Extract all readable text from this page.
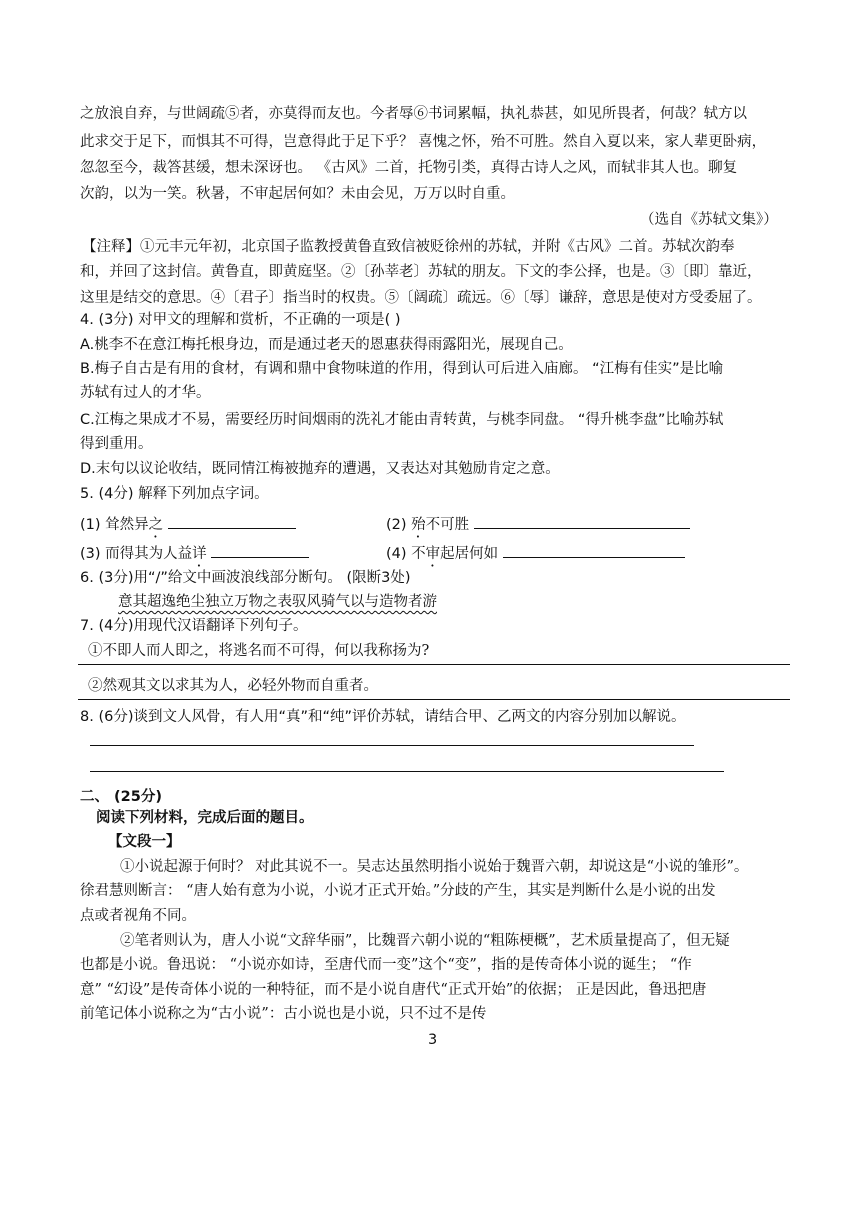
之放浪自弃，与世阔疏⑤者，亦莫得而友也。今者辱⑥书词累幅，执礼恭甚，如见所畏者，何哉？轼方以
此求交于足下，而惧其不可得，岂意得此于足下乎？ 喜愧之怀，殆不可胜。然自入夏以来，家人辈更卧病，
忽忽至今，裁答甚缓，想未深讶也。 《古风》二首，托物引类，真得古诗人之风，而轼非其人也。聊复
次韵，以为一笑。秋暑，不审起居何如？未由会见，万万以时自重。
（选自《苏轼文集》）
【注释】①元丰元年初，北京国子监教授黄鲁直致信被贬徐州的苏轼，并附《古风》二首。苏轼次韵奉
和，并回了这封信。黄鲁直，即黄庭坚。②〔孙莘老〕苏轼的朋友。下文的李公择，也是。③〔即〕靠近，
这里是结交的意思。④〔君子〕指当时的权贵。⑤〔阔疏〕疏远。⑥〔辱〕谦辞，意思是使对方受委屈了。
4. (3分) 对甲文的理解和赏析，不正确的一项是( )
A.桃李不在意江梅托根身边，而是通过老天的恩惠获得雨露阳光，展现自己。
B.梅子自古是有用的食材，有调和鼎中食物味道的作用，得到认可后进入庙廊。 “江梅有佳实”是比喻
苏轼有过人的才华。
C.江梅之果成才不易，需要经历时间烟雨的洗礼才能由青转黄，与桃李同盘。 “得升桃李盘”比喻苏轼
得到重用。
D.末句以议论收结，既同情江梅被抛弃的遭遇，又表达对其勉励肯定之意。
5. (4分) 解释下列加点字词。
(1) 耸然异之	(2) 殆不可胜
(3) 而得其为人益详	(4) 不审起居何如
6. (3分)用“/”给文中画波浪线部分断句。 (限断3处)
意其超逸绝尘独立万物之表驭风骑气以与造物者游
7. (4分)用现代汉语翻译下列句子。
①不即人而人即之，将逃名而不可得，何以我称扬为?
②然观其文以求其为人，必轻外物而自重者。
8. (6分)谈到文人风骨，有人用“真”和“纯”评价苏轼，请结合甲、乙两文的内容分别加以解说。
二、 (25分)
阅读下列材料，完成后面的题目。
【文段一】
①小说起源于何时？ 对此其说不一。吴志达虽然明指小说始于魏晋六朝，却说这是“小说的雏形”。
徐君慧则断言： “唐人始有意为小说，小说才正式开始。”分歧的产生，其实是判断什么是小说的出发
点或者视角不同。
②笔者则认为，唐人小说“文辞华丽”，比魏晋六朝小说的“粗陈梗概”，艺术质量提高了，但无疑
也都是小说。鲁迅说： “小说亦如诗，至唐代而一变”这个“变”，指的是传奇体小说的诞生； “作
意” “幻设”是传奇体小说的一种特征，而不是小说自唐代“正式开始”的依据； 正是因此，鲁迅把唐
前笔记体小说称之为“古小说”：古小说也是小说，只不过不是传
3
